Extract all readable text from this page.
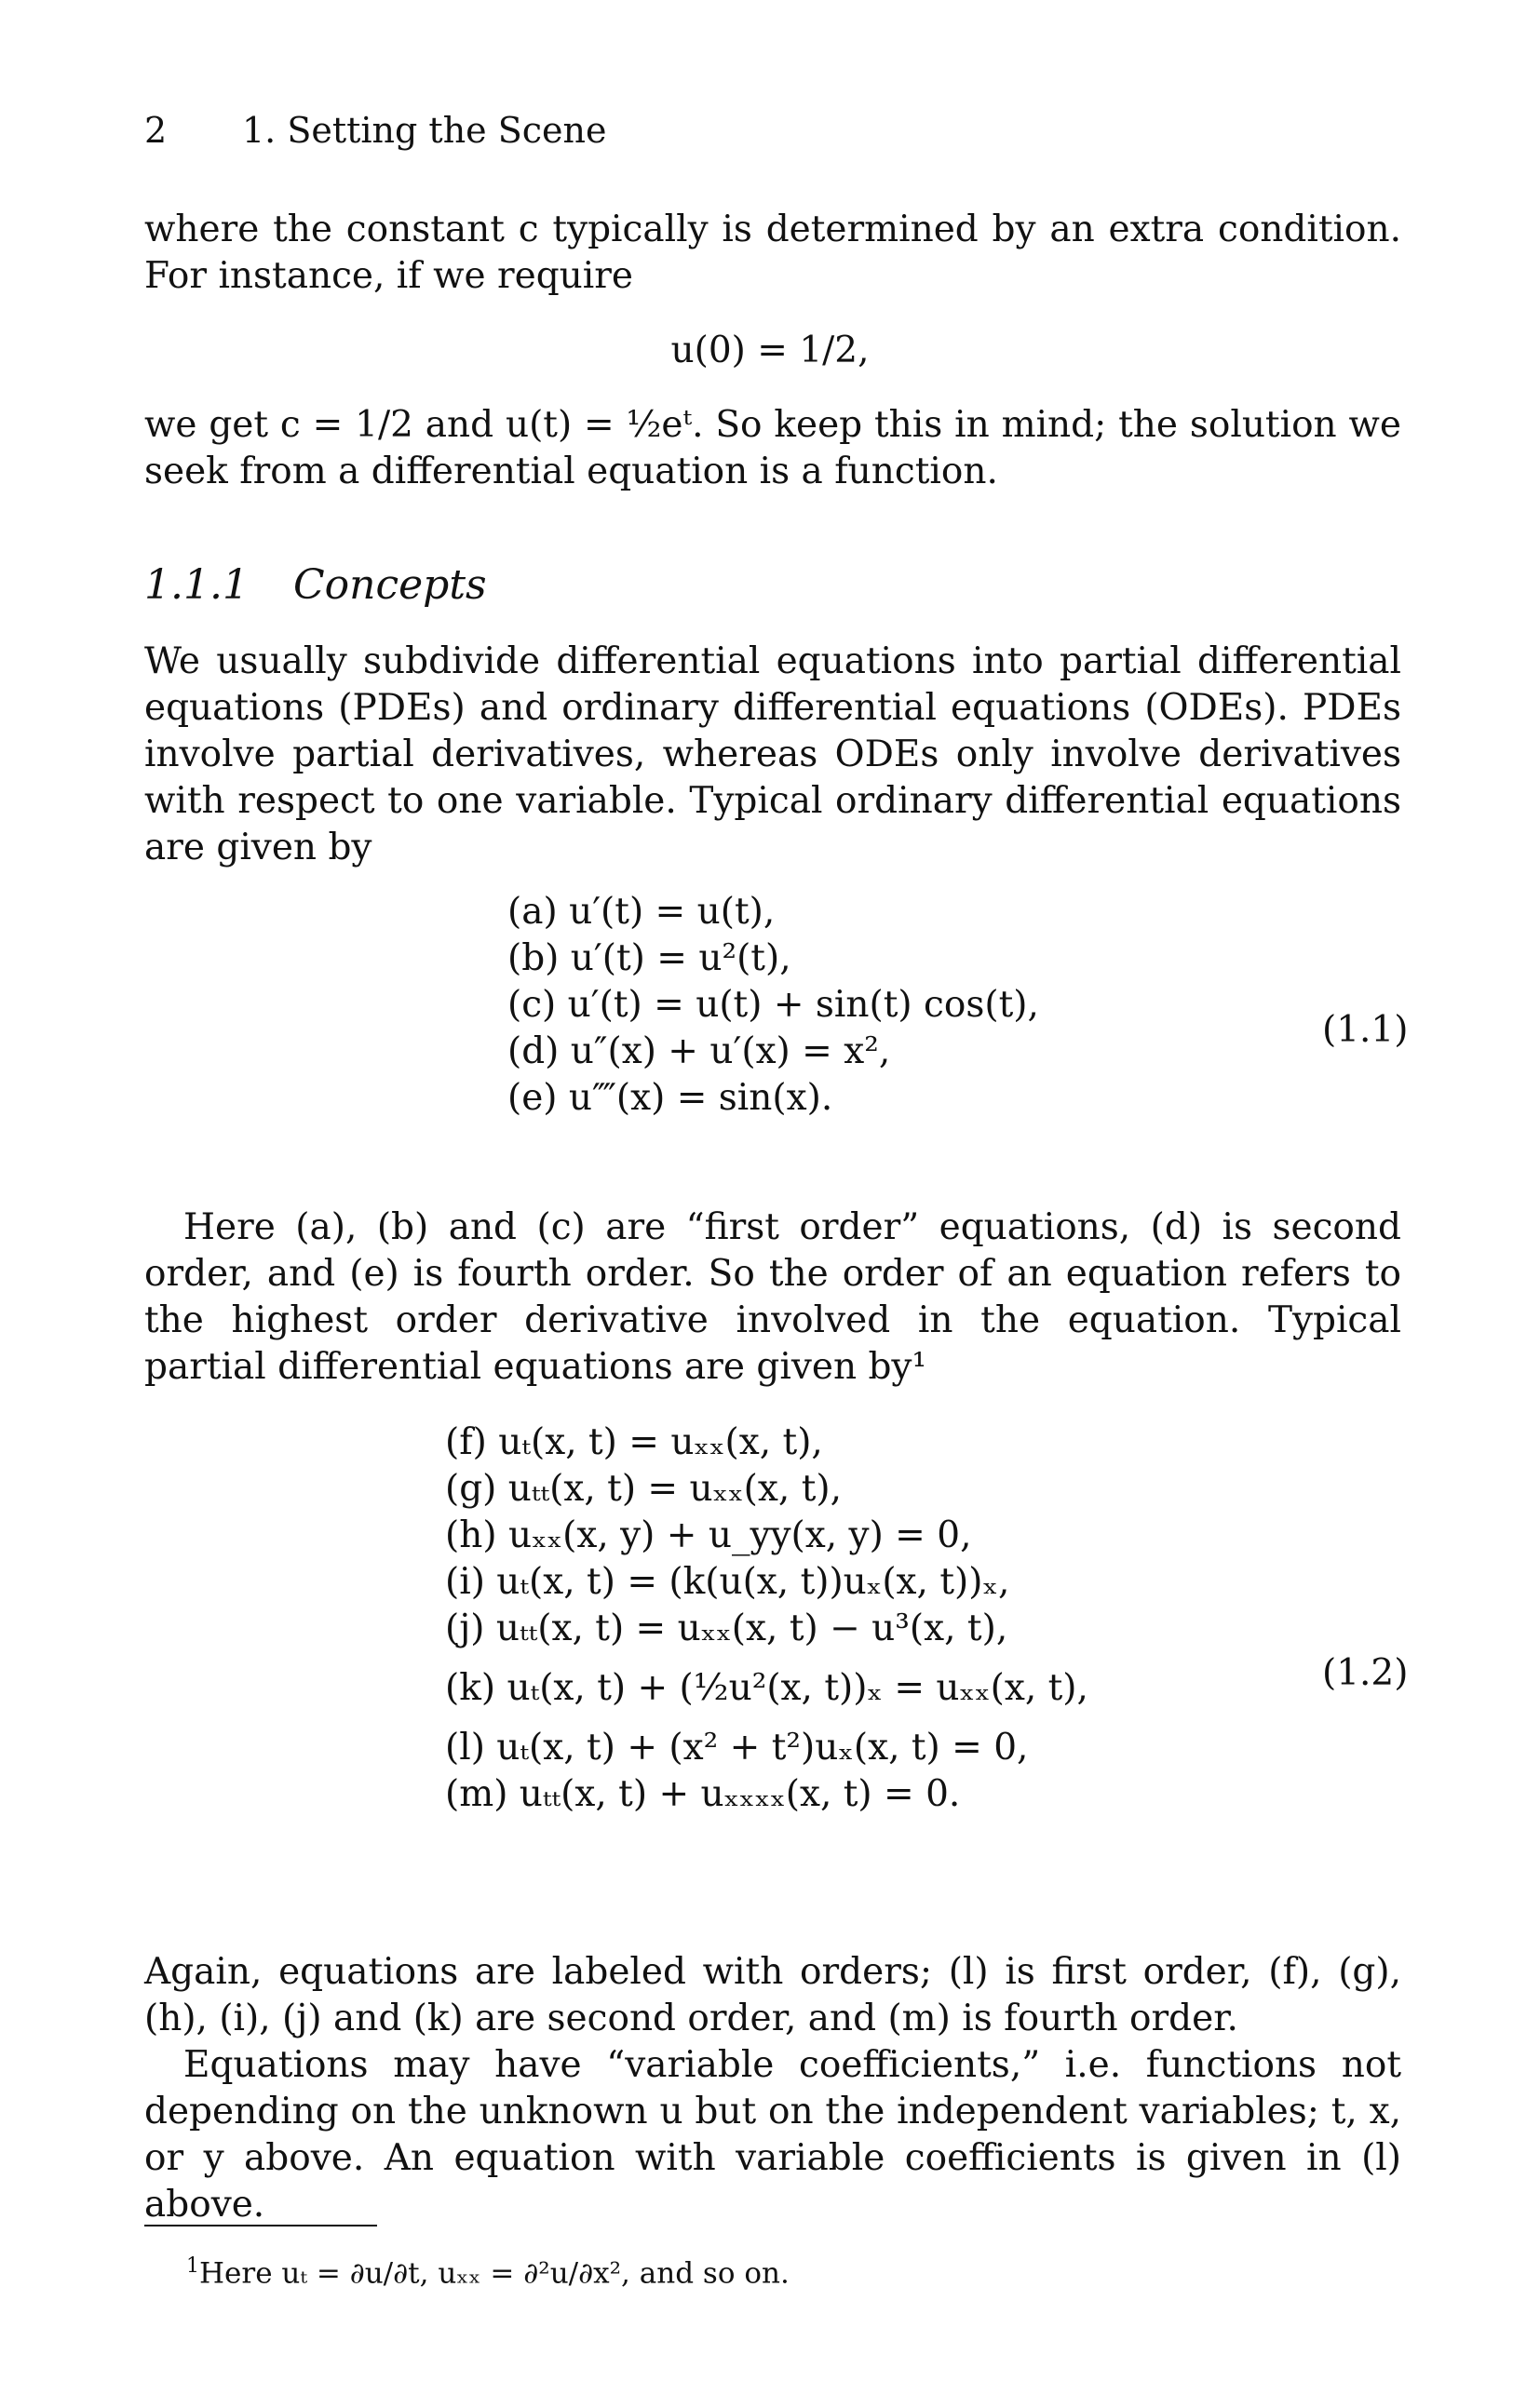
2 1. Setting the Scene
where the constant c typically is determined by an extra condition. For instance, if we require
u(0) = 1/2,
we get c = 1/2 and u(t) = ½eᵗ. So keep this in mind; the solution we seek from a differential equation is a function.
1.1.1 Concepts
We usually subdivide differential equations into partial differential equations (PDEs) and ordinary differential equations (ODEs). PDEs involve partial derivatives, whereas ODEs only involve derivatives with respect to one variable. Typical ordinary differential equations are given by
(a) u′(t) = u(t),
(b) u′(t) = u²(t),
(c) u′(t) = u(t) + sin(t) cos(t),
(d) u″(x) + u′(x) = x²,
(e) u⁗(x) = sin(x).
(1.1)
Here (a), (b) and (c) are “first order” equations, (d) is second order, and (e) is fourth order. So the order of an equation refers to the highest order derivative involved in the equation. Typical partial differential equations are given by¹
(f) uₜ(x, t) = uₓₓ(x, t),
(g) uₜₜ(x, t) = uₓₓ(x, t),
(h) uₓₓ(x, y) + u_yy(x, y) = 0,
(i) uₜ(x, t) = (k(u(x, t))uₓ(x, t))ₓ,
(j) uₜₜ(x, t) = uₓₓ(x, t) − u³(x, t),
(k) uₜ(x, t) + (½u²(x, t))ₓ = uₓₓ(x, t),
(l) uₜ(x, t) + (x² + t²)uₓ(x, t) = 0,
(m) uₜₜ(x, t) + uₓₓₓₓ(x, t) = 0.
(1.2)
Again, equations are labeled with orders; (l) is first order, (f), (g), (h), (i), (j) and (k) are second order, and (m) is fourth order.
Equations may have “variable coefficients,” i.e. functions not depending on the unknown u but on the independent variables; t, x, or y above. An equation with variable coefficients is given in (l) above.
$^1$Here uₜ = ∂u/∂t, uₓₓ = ∂²u/∂x², and so on.
